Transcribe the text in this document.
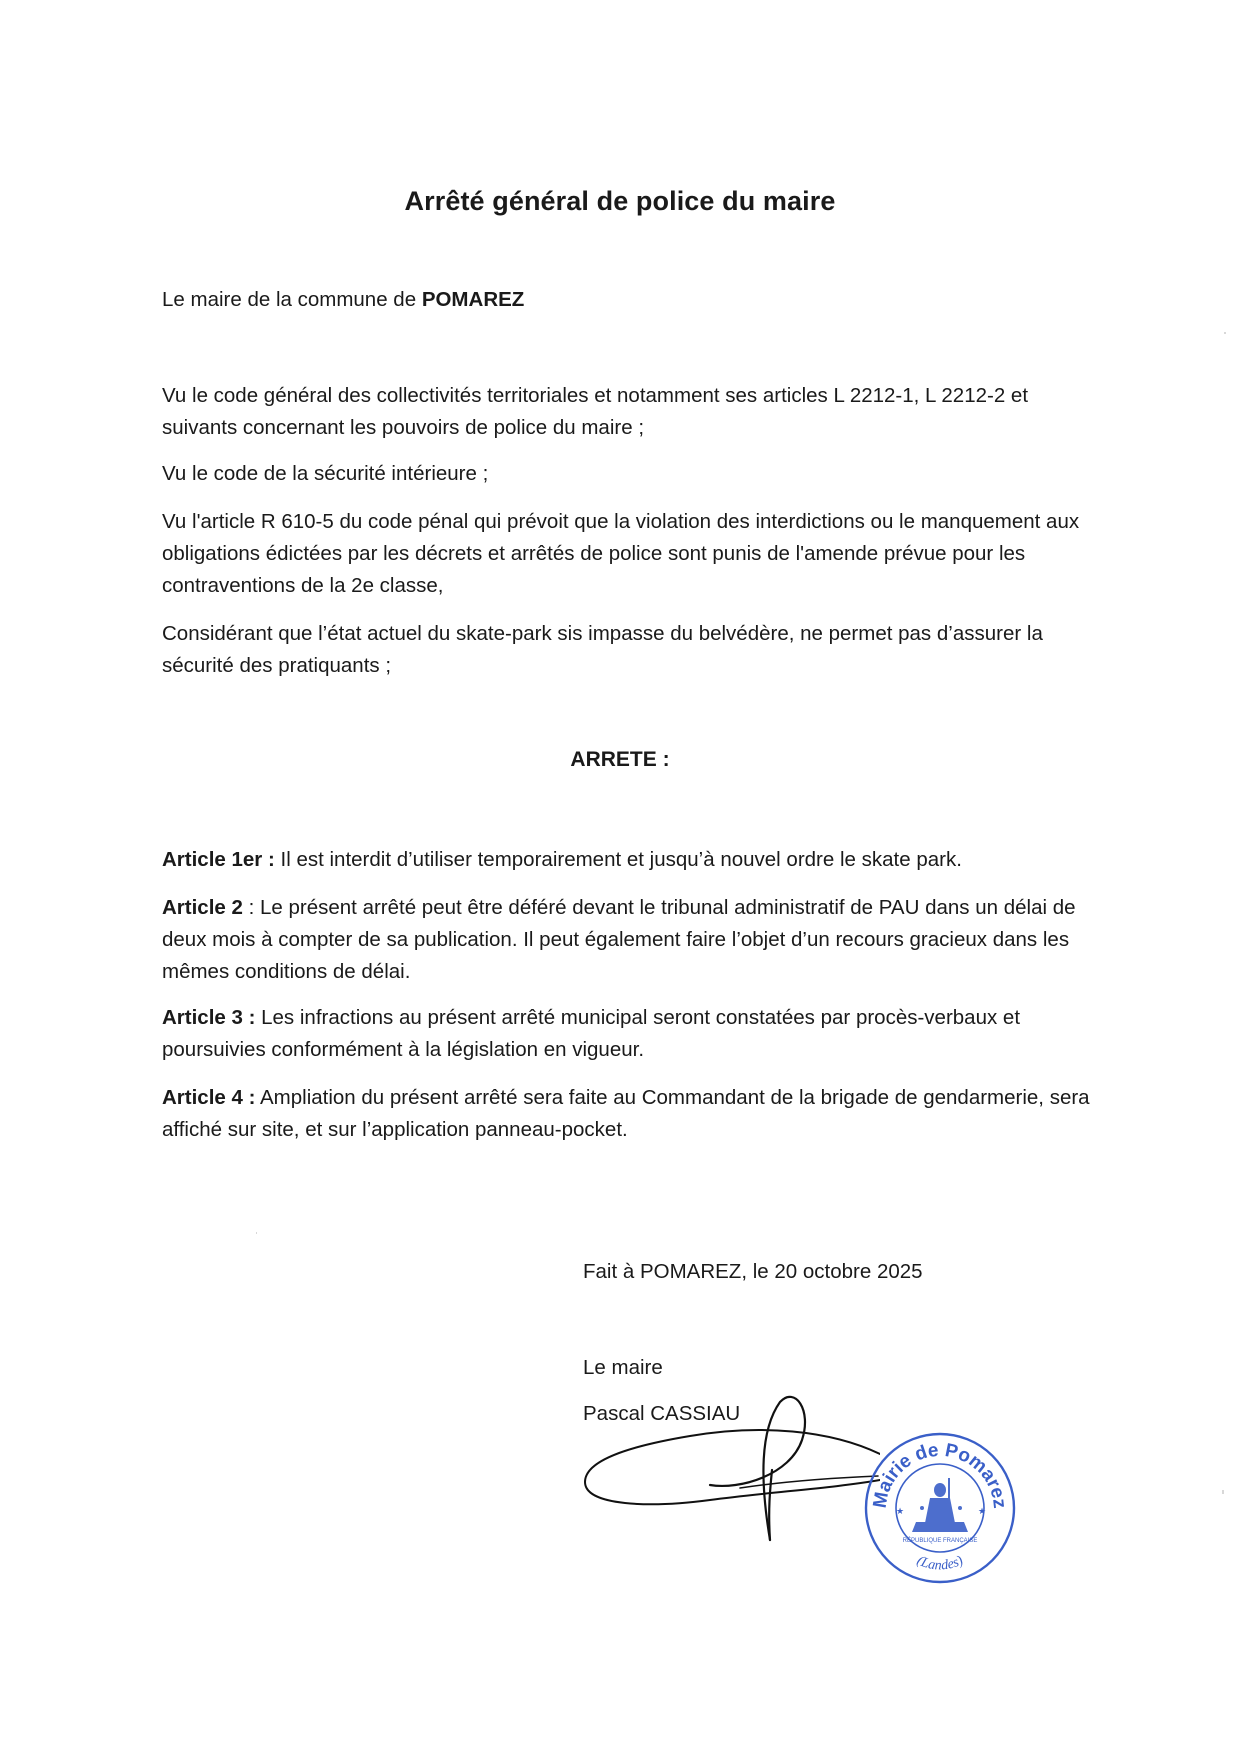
Arrêté général de police du maire
Le maire de la commune de POMAREZ
Vu le code général des collectivités territoriales et notamment ses articles L 2212-1, L 2212-2 et suivants concernant les pouvoirs de police du maire ;
Vu le code de la sécurité intérieure ;
Vu l'article R 610-5 du code pénal qui prévoit que la violation des interdictions ou le manquement aux obligations édictées par les décrets et arrêtés de police sont punis de l'amende prévue pour les contraventions de la 2e classe,
Considérant que l’état actuel du skate-park sis impasse du belvédère, ne permet pas d’assurer la sécurité des pratiquants ;
ARRETE :
Article 1er : Il est interdit d’utiliser temporairement et jusqu’à nouvel ordre le skate park.
Article 2 : Le présent arrêté peut être déféré devant le tribunal administratif de PAU dans un délai de deux mois à compter de sa publication. Il peut également faire l’objet d’un recours gracieux dans les mêmes conditions de délai.
Article 3 : Les infractions au présent arrêté municipal seront constatées par procès-verbaux et poursuivies conformément à la législation en vigueur.
Article 4 : Ampliation du présent arrêté sera faite au Commandant de la brigade de gendarmerie, sera affiché sur site, et sur l’application panneau-pocket.
Fait à POMAREZ, le 20 octobre 2025
Le maire
Pascal CASSIAU
Mairie de Pomarez
RÉPUBLIQUE FRANÇAISE
★	★
(Landes)
